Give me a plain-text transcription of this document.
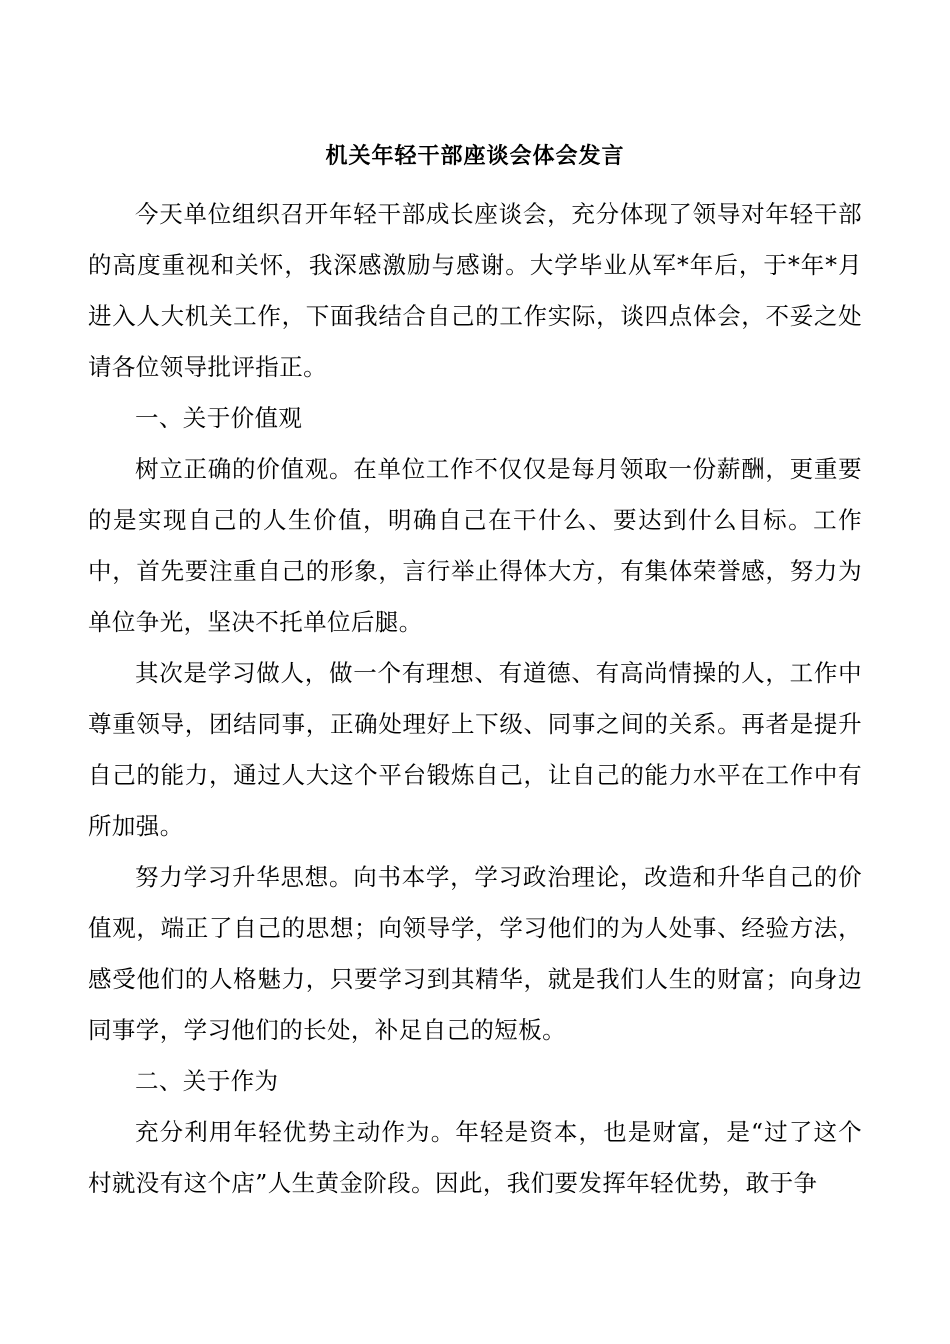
机关年轻干部座谈会体会发言

今天单位组织召开年轻干部成长座谈会，充分体现了领导对年轻干部的高度重视和关怀，我深感激励与感谢。大学毕业从军*年后，于*年*月进入人大机关工作，下面我结合自己的工作实际，谈四点体会，不妥之处请各位领导批评指正。

一、关于价值观

树立正确的价值观。在单位工作不仅仅是每月领取一份薪酬，更重要的是实现自己的人生价值，明确自己在干什么、要达到什么目标。工作中，首先要注重自己的形象，言行举止得体大方，有集体荣誉感，努力为单位争光，坚决不托单位后腿。

其次是学习做人，做一个有理想、有道德、有高尚情操的人，工作中尊重领导，团结同事，正确处理好上下级、同事之间的关系。再者是提升自己的能力，通过人大这个平台锻炼自己，让自己的能力水平在工作中有所加强。

努力学习升华思想。向书本学，学习政治理论，改造和升华自己的价值观，端正了自己的思想；向领导学，学习他们的为人处事、经验方法，感受他们的人格魅力，只要学习到其精华，就是我们人生的财富；向身边同事学，学习他们的长处，补足自己的短板。

二、关于作为

充分利用年轻优势主动作为。年轻是资本，也是财富，是“过了这个村就没有这个店”人生黄金阶段。因此，我们要发挥年轻优势，敢于争
